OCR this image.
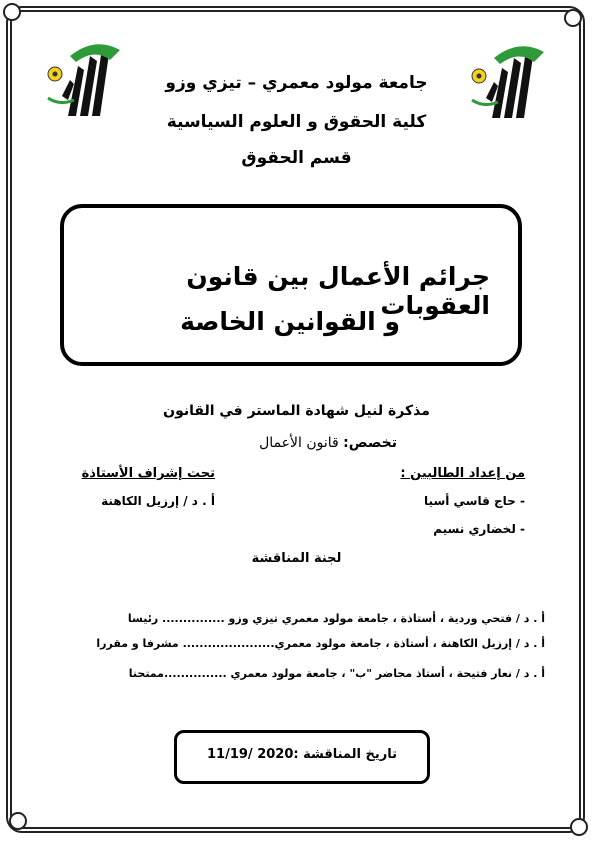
جامعة مولود معمري – تيزي وزو
كلية الحقوق و العلوم السياسية
قسم الحقوق
جرائم الأعمال بين قانون العقوبات
و القوانين الخاصة
مذكرة لنيل شهادة الماستر في القانون
تخصص: قانون الأعمال
من إعداد الطالبين :
تحت إشراف الأستاذة
- حاج قاسي أسيا
- لخضاري نسيم
أ . د / إرزيل الكاهنة
لجنة المناقشة
أ . د / فتحي وردية ، أستاذة ، جامعة مولود معمري تيزي وزو ............... رئيسا
أ . د / إرزيل الكاهنة ، أستاذة ، جامعة مولود معمري...................... مشرفا و مقررا
أ . د / نعار فتيحة ، أستاذ محاضر "ب" ، جامعة مولود معمري ...............ممتحنا
تاريخ المناقشة :2020 /11/19
